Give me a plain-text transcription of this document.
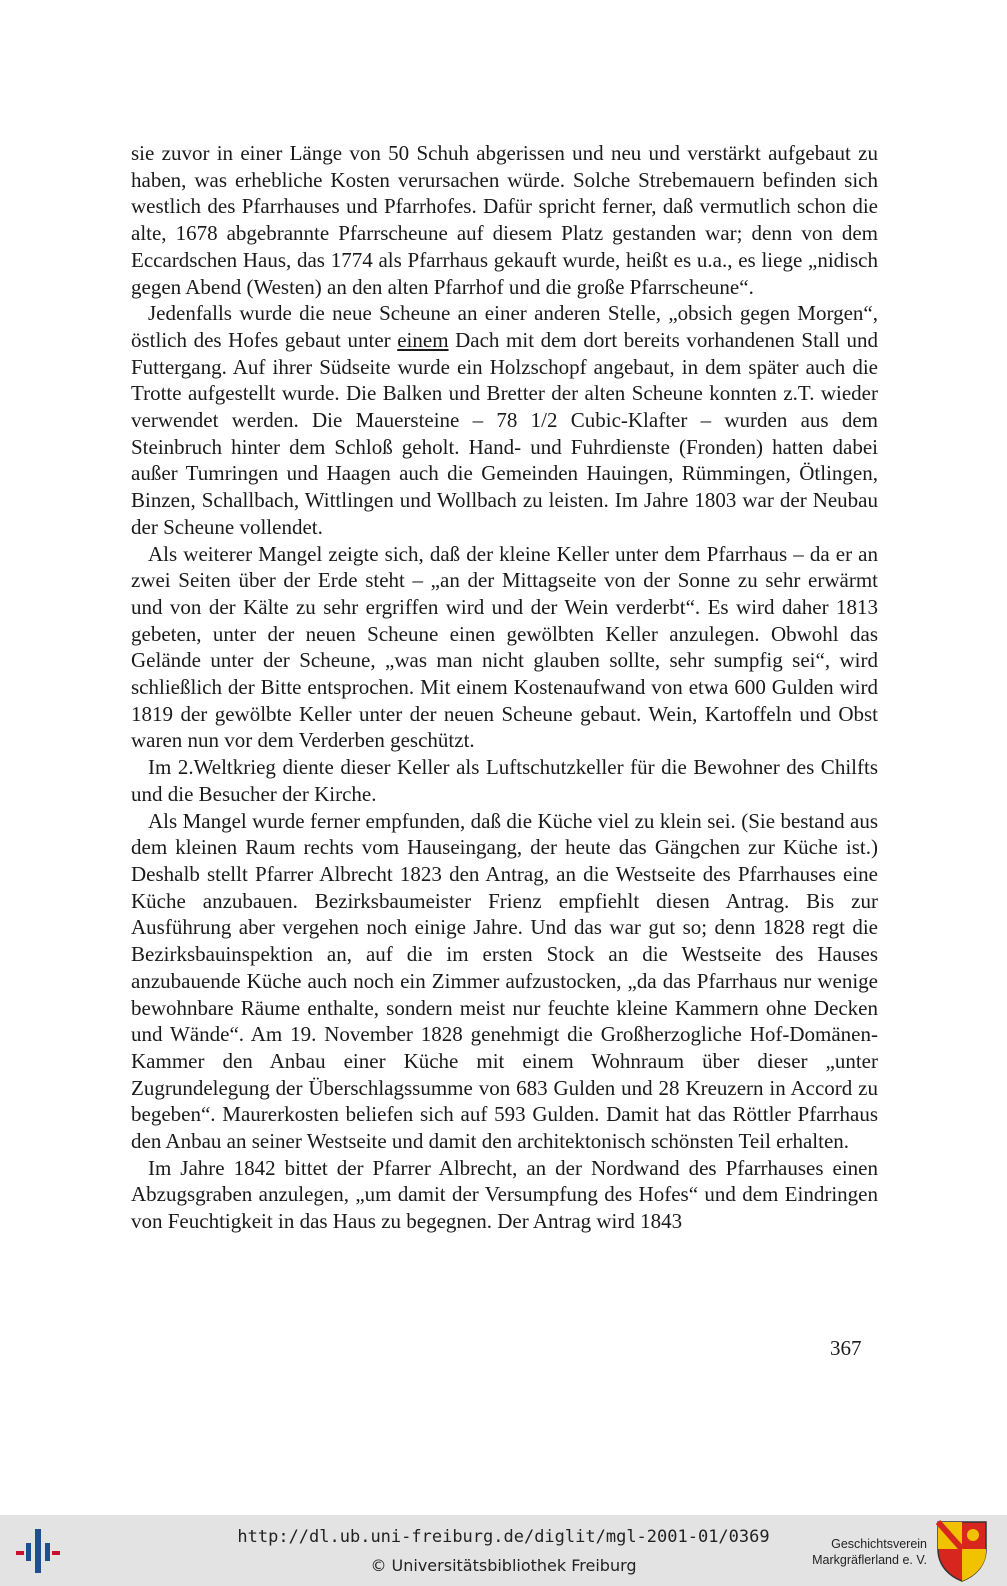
sie zuvor in einer Länge von 50 Schuh abgerissen und neu und verstärkt aufgebaut zu haben, was erhebliche Kosten verursachen würde. Solche Strebemauern befinden sich westlich des Pfarrhauses und Pfarrhofes. Dafür spricht ferner, daß vermutlich schon die alte, 1678 abgebrannte Pfarrscheune auf diesem Platz gestanden war; denn von dem Eccardschen Haus, das 1774 als Pfarrhaus gekauft wurde, heißt es u.a., es liege „nidisch gegen Abend (Westen) an den alten Pfarrhof und die große Pfarrscheune“.

Jedenfalls wurde die neue Scheune an einer anderen Stelle, „obsich gegen Morgen“, östlich des Hofes gebaut unter einem Dach mit dem dort bereits vorhandenen Stall und Futtergang. Auf ihrer Südseite wurde ein Holzschopf angebaut, in dem später auch die Trotte aufgestellt wurde. Die Balken und Bretter der alten Scheune konnten z.T. wieder verwendet werden. Die Mauersteine – 78 1/2 Cubic-Klafter – wurden aus dem Steinbruch hinter dem Schloß geholt. Hand- und Fuhrdienste (Fronden) hatten dabei außer Tumringen und Haagen auch die Gemeinden Hauingen, Rümmingen, Ötlingen, Binzen, Schallbach, Wittlingen und Wollbach zu leisten. Im Jahre 1803 war der Neubau der Scheune vollendet.

Als weiterer Mangel zeigte sich, daß der kleine Keller unter dem Pfarrhaus – da er an zwei Seiten über der Erde steht – „an der Mittagseite von der Sonne zu sehr erwärmt und von der Kälte zu sehr ergriffen wird und der Wein verderbt“. Es wird daher 1813 gebeten, unter der neuen Scheune einen gewölbten Keller anzulegen. Obwohl das Gelände unter der Scheune, „was man nicht glauben sollte, sehr sumpfig sei“, wird schließlich der Bitte entsprochen. Mit einem Kostenaufwand von etwa 600 Gulden wird 1819 der gewölbte Keller unter der neuen Scheune gebaut. Wein, Kartoffeln und Obst waren nun vor dem Verderben geschützt.

Im 2.Weltkrieg diente dieser Keller als Luftschutzkeller für die Bewohner des Chilfts und die Besucher der Kirche.

Als Mangel wurde ferner empfunden, daß die Küche viel zu klein sei. (Sie bestand aus dem kleinen Raum rechts vom Hauseingang, der heute das Gängchen zur Küche ist.) Deshalb stellt Pfarrer Albrecht 1823 den Antrag, an die Westseite des Pfarrhauses eine Küche anzubauen. Bezirksbaumeister Frienz empfiehlt diesen Antrag. Bis zur Ausführung aber vergehen noch einige Jahre. Und das war gut so; denn 1828 regt die Bezirksbauinspektion an, auf die im ersten Stock an die Westseite des Hauses anzubauende Küche auch noch ein Zimmer aufzustocken, „da das Pfarrhaus nur wenige bewohnbare Räume enthalte, sondern meist nur feuchte kleine Kammern ohne Decken und Wände“. Am 19. November 1828 genehmigt die Großherzogliche Hof-Domänen-Kammer den Anbau einer Küche mit einem Wohnraum über dieser „unter Zugrundelegung der Überschlagssumme von 683 Gulden und 28 Kreuzern in Accord zu begeben“. Maurerkosten beliefen sich auf 593 Gulden. Damit hat das Röttler Pfarrhaus den Anbau an seiner Westseite und damit den architektonisch schönsten Teil erhalten.

Im Jahre 1842 bittet der Pfarrer Albrecht, an der Nordwand des Pfarrhauses einen Abzugsgraben anzulegen, „um damit der Versumpfung des Hofes“ und dem Eindringen von Feuchtigkeit in das Haus zu begegnen. Der Antrag wird 1843

367
http://dl.ub.uni-freiburg.de/diglit/mgl-2001-01/0369
© Universitätsbibliothek Freiburg
Geschichtsverein
Markgräflerland e. V.
